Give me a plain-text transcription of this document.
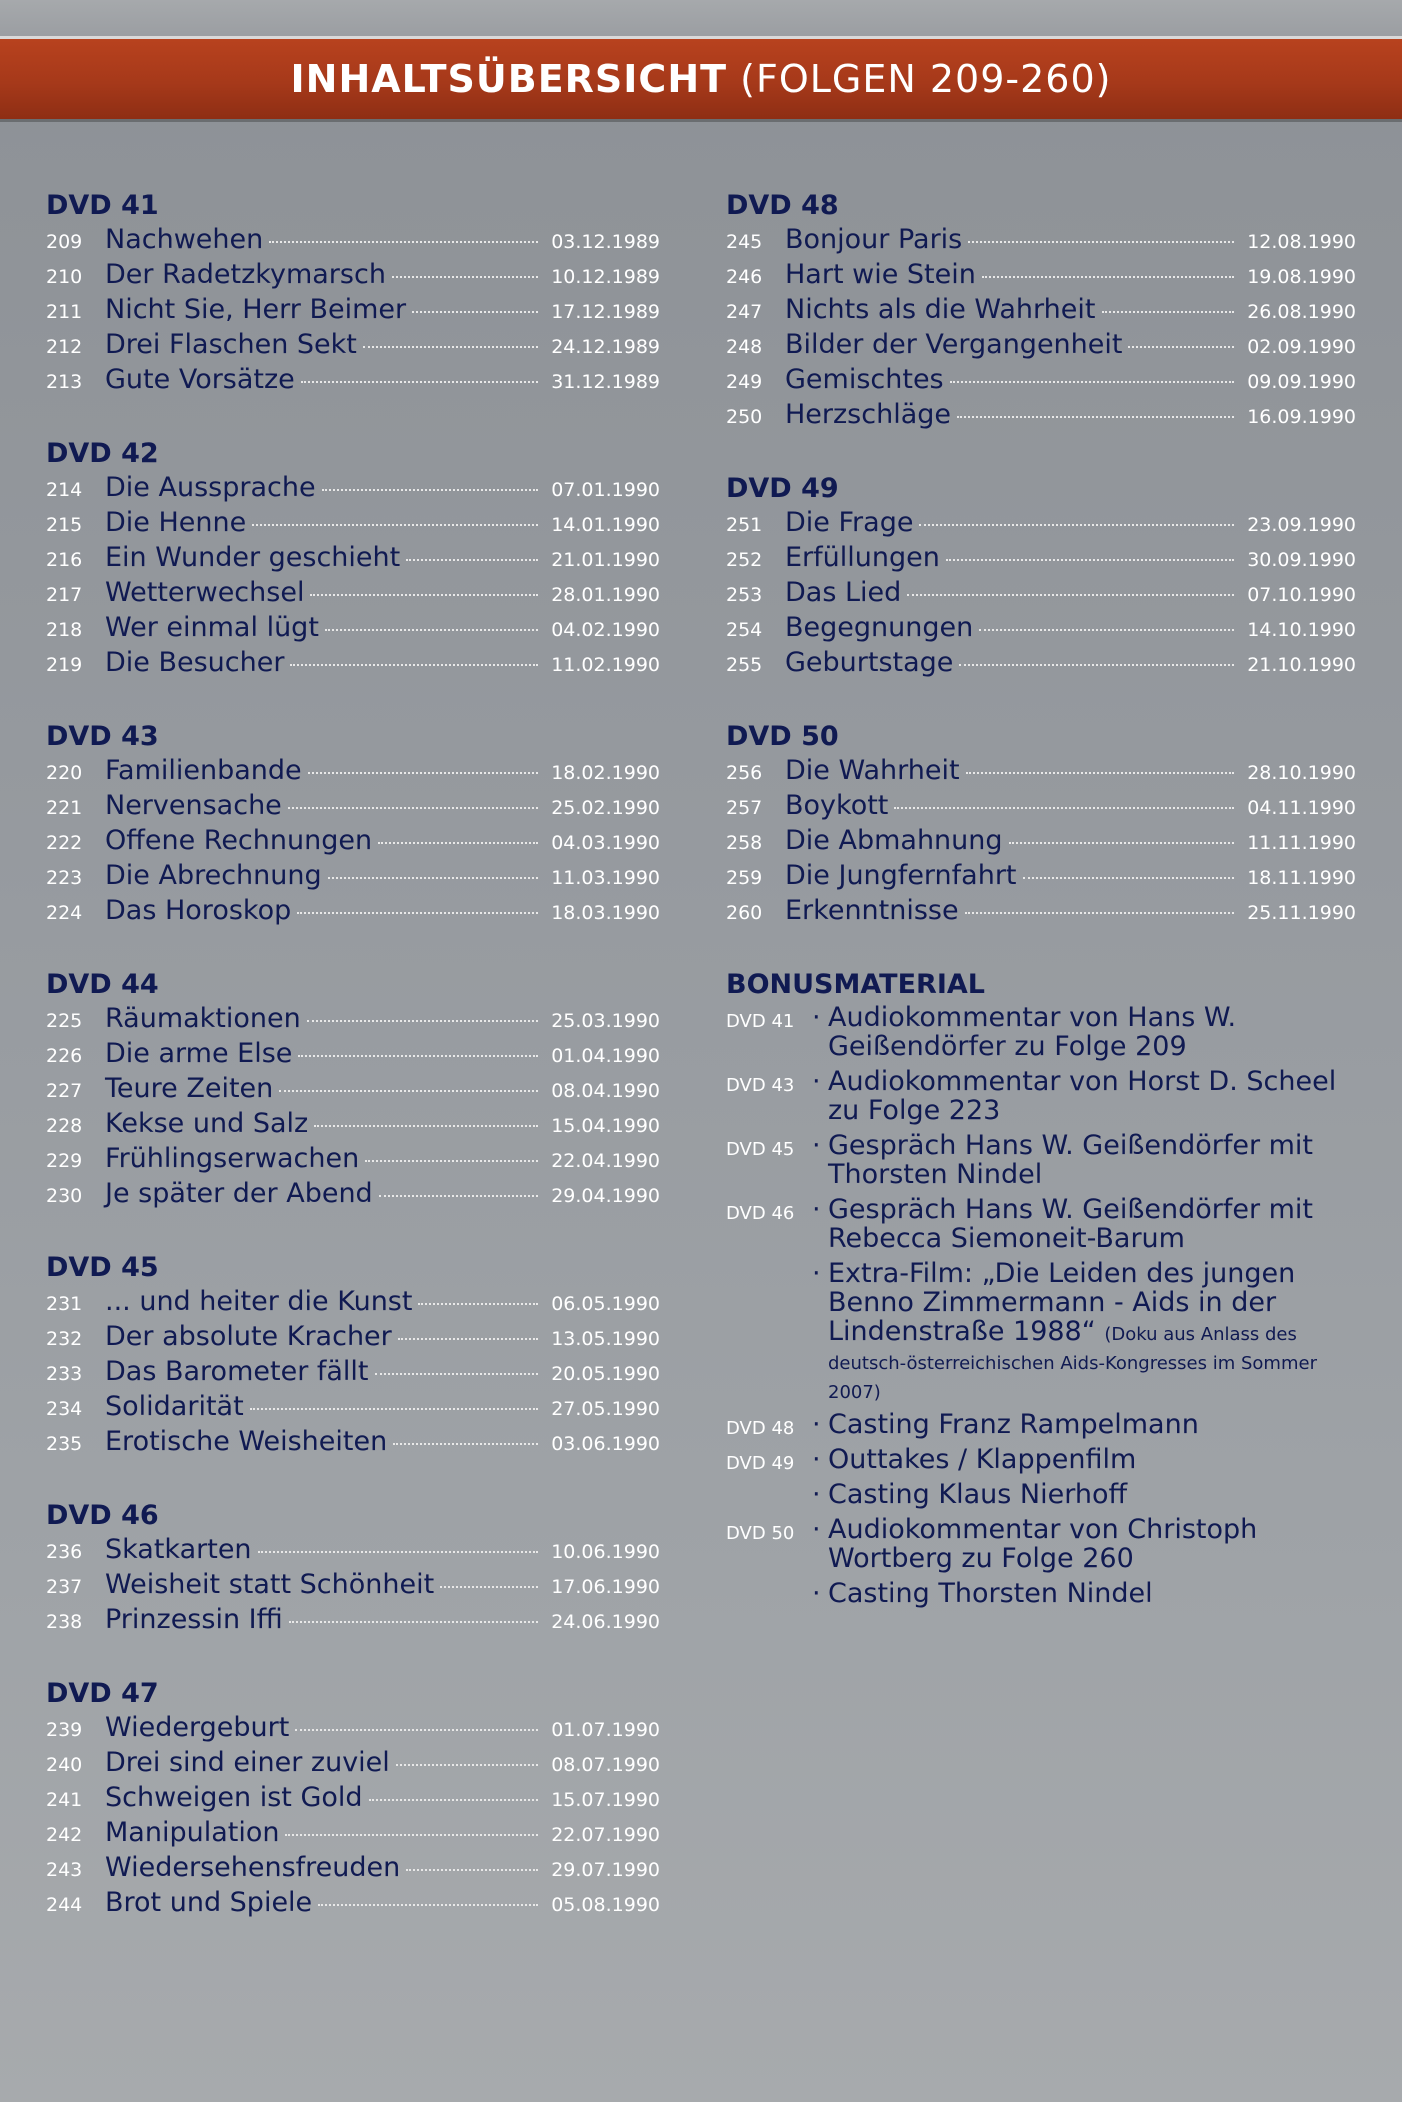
INHALTSÜBERSICHT (FOLGEN 209-260)
DVD 41
209 Nachwehen	03.12.1989
210 Der Radetzkymarsch	10.12.1989
211 Nicht Sie, Herr Beimer	17.12.1989
212 Drei Flaschen Sekt	24.12.1989
213 Gute Vorsätze	31.12.1989
DVD 42
214 Die Aussprache	07.01.1990
215 Die Henne	14.01.1990
216 Ein Wunder geschieht	21.01.1990
217 Wetterwechsel	28.01.1990
218 Wer einmal lügt	04.02.1990
219 Die Besucher	11.02.1990
DVD 43
220 Familienbande	18.02.1990
221 Nervensache	25.02.1990
222 Offene Rechnungen	04.03.1990
223 Die Abrechnung	11.03.1990
224 Das Horoskop	18.03.1990
DVD 44
225 Räumaktionen	25.03.1990
226 Die arme Else	01.04.1990
227 Teure Zeiten	08.04.1990
228 Kekse und Salz	15.04.1990
229 Frühlingserwachen	22.04.1990
230 Je später der Abend	29.04.1990
DVD 45
231 ... und heiter die Kunst	06.05.1990
232 Der absolute Kracher	13.05.1990
233 Das Barometer fällt	20.05.1990
234 Solidarität	27.05.1990
235 Erotische Weisheiten	03.06.1990
DVD 46
236 Skatkarten	10.06.1990
237 Weisheit statt Schönheit	17.06.1990
238 Prinzessin Iffi	24.06.1990
DVD 47
239 Wiedergeburt	01.07.1990
240 Drei sind einer zuviel	08.07.1990
241 Schweigen ist Gold	15.07.1990
242 Manipulation	22.07.1990
243 Wiedersehensfreuden	29.07.1990
244 Brot und Spiele	05.08.1990
DVD 48
245 Bonjour Paris	12.08.1990
246 Hart wie Stein	19.08.1990
247 Nichts als die Wahrheit	26.08.1990
248 Bilder der Vergangenheit	02.09.1990
249 Gemischtes	09.09.1990
250 Herzschläge	16.09.1990
DVD 49
251 Die Frage	23.09.1990
252 Erfüllungen	30.09.1990
253 Das Lied	07.10.1990
254 Begegnungen	14.10.1990
255 Geburtstage	21.10.1990
DVD 50
256 Die Wahrheit	28.10.1990
257 Boykott	04.11.1990
258 Die Abmahnung	11.11.1990
259 Die Jungfernfahrt	18.11.1990
260 Erkenntnisse	25.11.1990
BONUSMATERIAL
DVD 41 · Audiokommentar von Hans W. Geißendörfer zu Folge 209
DVD 43 · Audiokommentar von Horst D. Scheel zu Folge 223
DVD 45 · Gespräch Hans W. Geißendörfer mit Thorsten Nindel
DVD 46 · Gespräch Hans W. Geißendörfer mit Rebecca Siemoneit-Barum
· Extra-Film: „Die Leiden des jungen Benno Zimmermann - Aids in der Lindenstraße 1988“ (Doku aus Anlass des deutsch-österreichischen Aids-Kongresses im Sommer 2007)
DVD 48 · Casting Franz Rampelmann
DVD 49 · Outtakes / Klappenfilm
· Casting Klaus Nierhoff
DVD 50 · Audiokommentar von Christoph Wortberg zu Folge 260
· Casting Thorsten Nindel
